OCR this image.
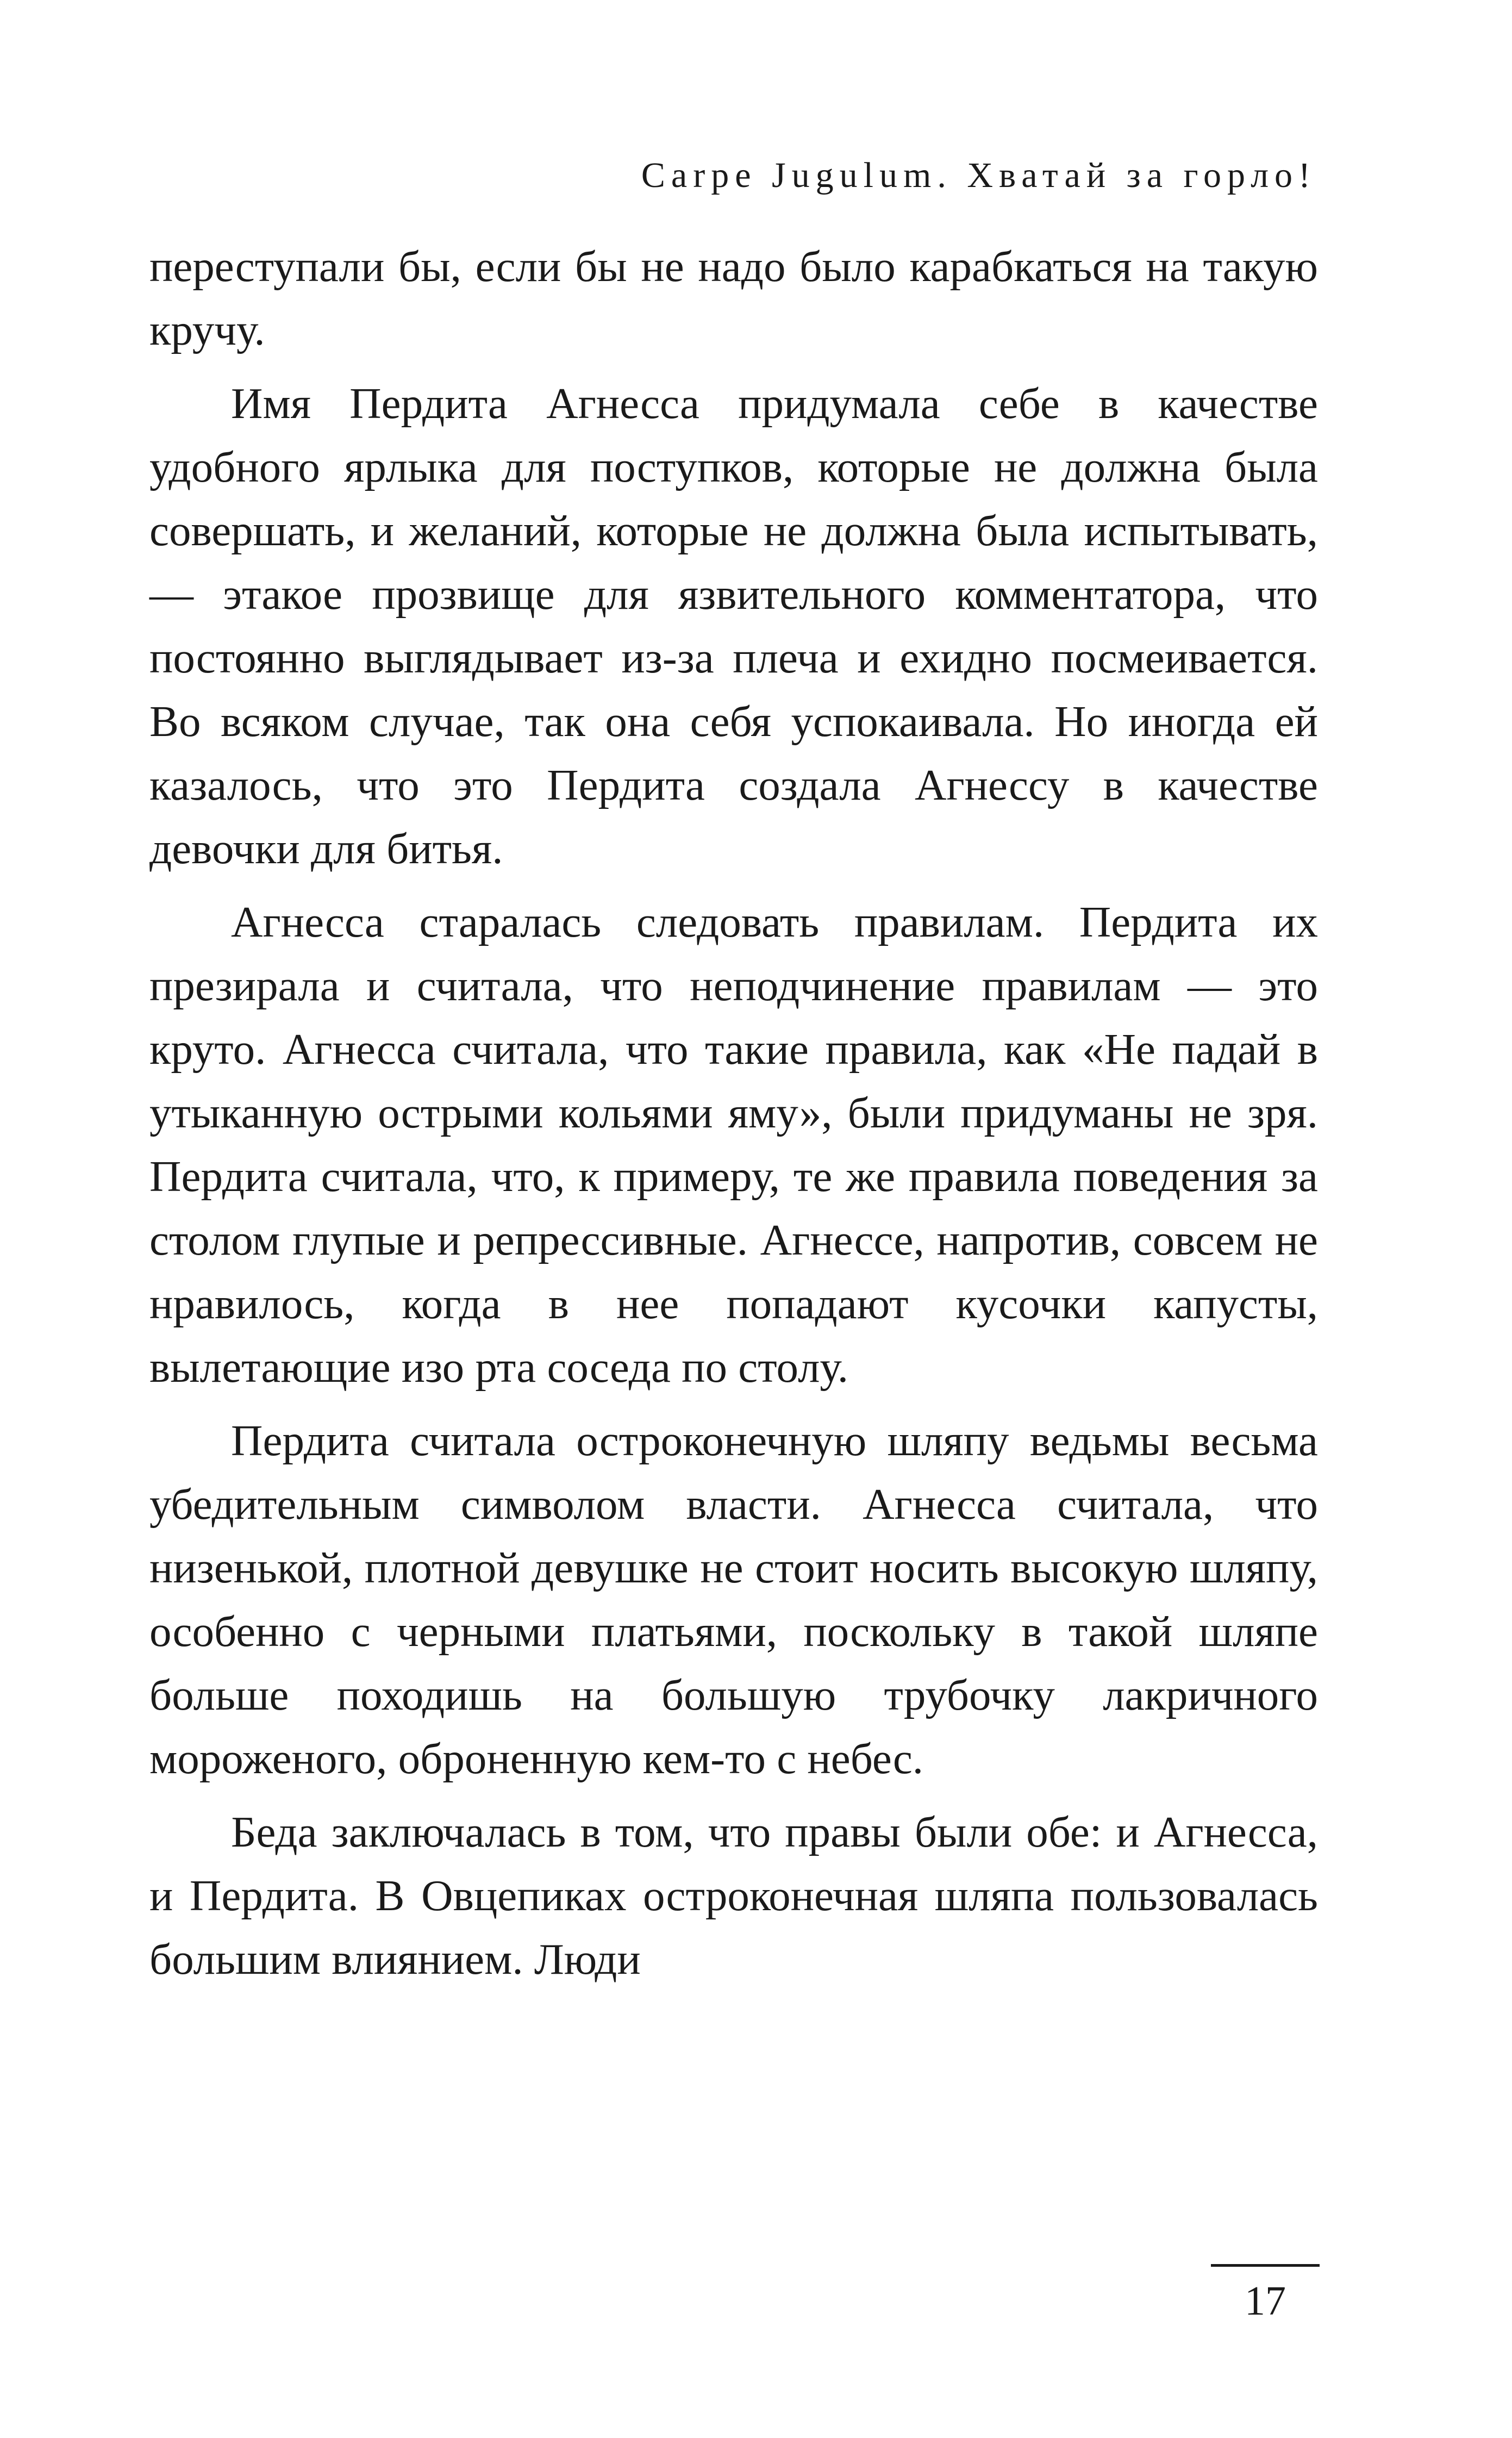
Carpe Jugulum. Хватай за горло!

переступали бы, если бы не надо было карабкаться на такую кручу.

Имя Пердита Агнесса придумала себе в качестве удобного ярлыка для поступков, которые не должна была совершать, и желаний, которые не должна была испытывать, — этакое прозвище для язвительного комментатора, что постоянно выглядывает из-за плеча и ехидно посмеивается. Во всяком случае, так она себя успокаивала. Но иногда ей казалось, что это Пердита создала Агнессу в качестве девочки для битья.

Агнесса старалась следовать правилам. Пердита их презирала и считала, что неподчинение правилам — это круто. Агнесса считала, что такие правила, как «Не падай в утыканную острыми кольями яму», были придуманы не зря. Пердита считала, что, к примеру, те же правила поведения за столом глупые и репрессивные. Агнессе, напротив, совсем не нравилось, когда в нее попадают кусочки капусты, вылетающие изо рта соседа по столу.

Пердита считала остроконечную шляпу ведьмы весьма убедительным символом власти. Агнесса считала, что низенькой, плотной девушке не стоит носить высокую шляпу, особенно с черными платьями, поскольку в такой шляпе больше походишь на большую трубочку лакричного мороженого, оброненную кем-то с небес.

Беда заключалась в том, что правы были обе: и Агнесса, и Пердита. В Овцепиках остроконечная шляпа пользовалась большим влиянием. Люди

17
